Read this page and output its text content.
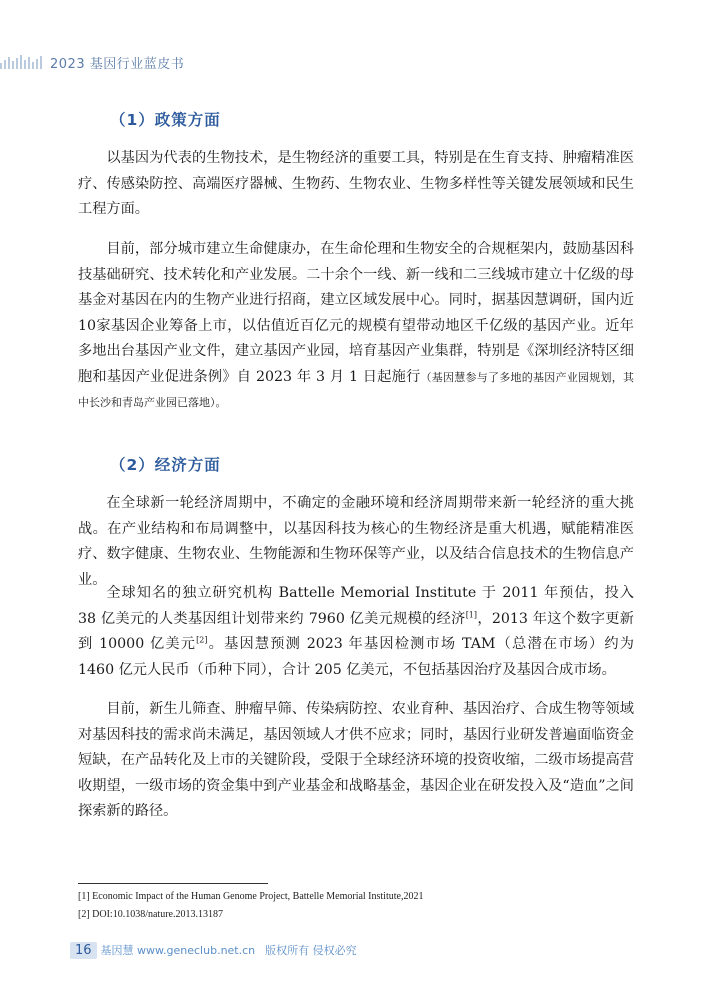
2023 基因行业蓝皮书
（1）政策方面

以基因为代表的生物技术，是生物经济的重要工具，特别是在生育支持、肿瘤精准医疗、传感染防控、高端医疗器械、生物药、生物农业、生物多样性等关键发展领域和民生工程方面。

目前，部分城市建立生命健康办，在生命伦理和生物安全的合规框架内，鼓励基因科技基础研究、技术转化和产业发展。二十余个一线、新一线和二三线城市建立十亿级的母基金对基因在内的生物产业进行招商，建立区域发展中心。同时，据基因慧调研，国内近10家基因企业筹备上市，以估值近百亿元的规模有望带动地区千亿级的基因产业。近年多地出台基因产业文件，建立基因产业园，培育基因产业集群，特别是《深圳经济特区细胞和基因产业促进条例》自 2023 年 3 月 1 日起施行（基因慧参与了多地的基因产业园规划，其中长沙和青岛产业园已落地）。

（2）经济方面

在全球新一轮经济周期中，不确定的金融环境和经济周期带来新一轮经济的重大挑战。在产业结构和布局调整中，以基因科技为核心的生物经济是重大机遇，赋能精准医疗、数字健康、生物农业、生物能源和生物环保等产业，以及结合信息技术的生物信息产业。

全球知名的独立研究机构 Battelle Memorial Institute 于 2011 年预估，投入 38 亿美元的人类基因组计划带来约 7960 亿美元规模的经济[1]，2013 年这个数字更新到 10000 亿美元[2]。基因慧预测 2023 年基因检测市场 TAM（总潜在市场）约为 1460 亿元人民币（币种下同），合计 205 亿美元，不包括基因治疗及基因合成市场。

目前，新生儿筛查、肿瘤早筛、传染病防控、农业育种、基因治疗、合成生物等领域对基因科技的需求尚未满足，基因领域人才供不应求；同时，基因行业研发普遍面临资金短缺，在产品转化及上市的关键阶段，受限于全球经济环境的投资收缩，二级市场提高营收期望，一级市场的资金集中到产业基金和战略基金，基因企业在研发投入及“造血”之间探索新的路径。

[1] Economic Impact of the Human Genome Project, Battelle Memorial Institute,2021

[2] DOI:10.1038/nature.2013.13187

16 基因慧 www.geneclub.net.cn 版权所有 侵权必究
